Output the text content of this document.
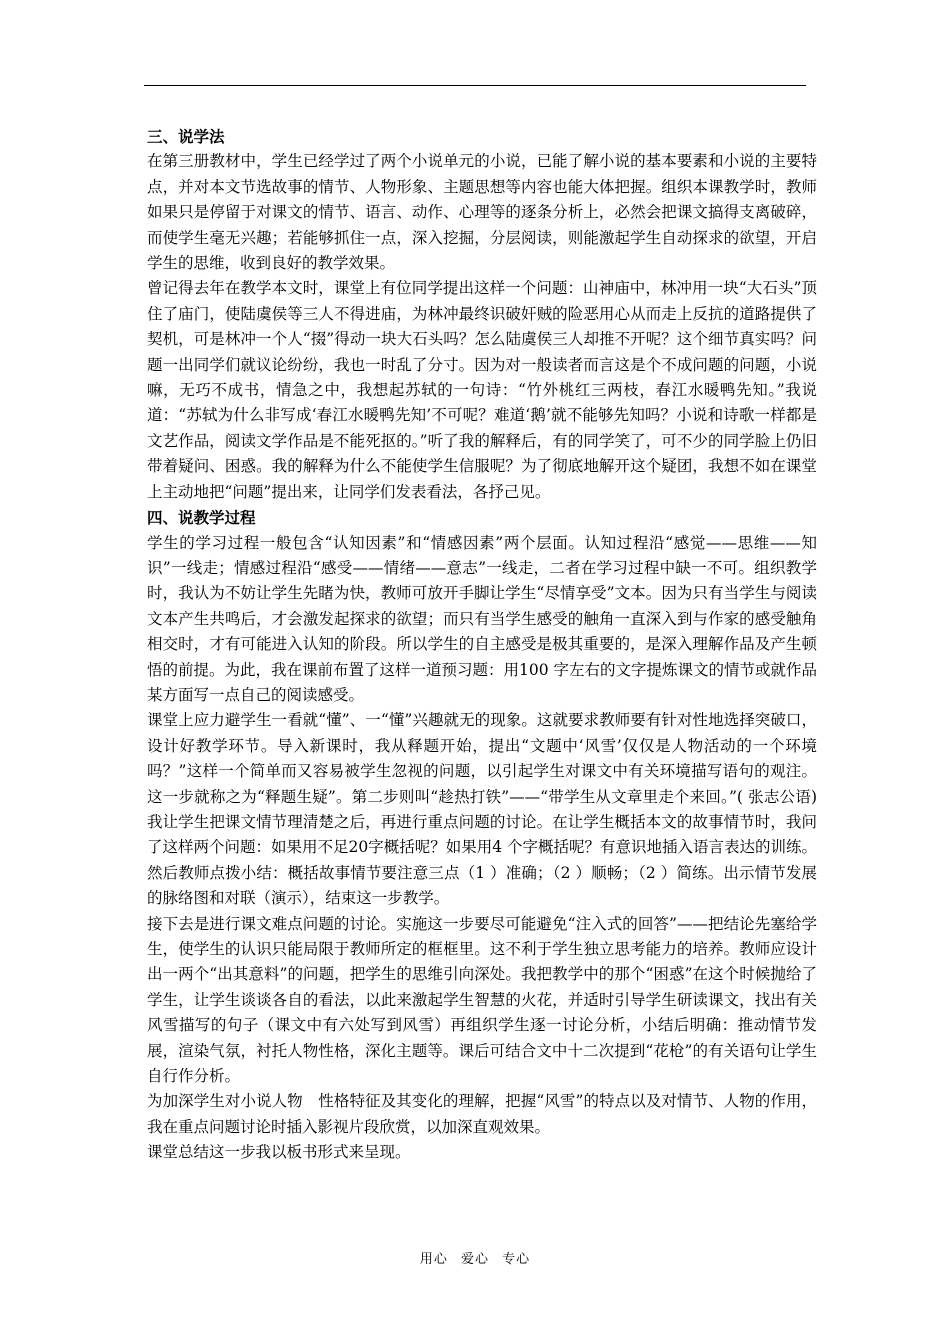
三、说学法

在第三册教材中，学生已经学过了两个小说单元的小说，已能了解小说的基本要素和小说的主要特点，并对本文节选故事的情节、人物形象、主题思想等内容也能大体把握。组织本课教学时，教师如果只是停留于对课文的情节、语言、动作、心理等的逐条分析上，必然会把课文搞得支离破碎，而使学生毫无兴趣；若能够抓住一点，深入挖掘，分层阅读，则能激起学生自动探求的欲望，开启学生的思维，收到良好的教学效果。

曾记得去年在教学本文时，课堂上有位同学提出这样一个问题：山神庙中，林冲用一块“大石头”顶住了庙门，使陆虞侯等三人不得进庙，为林冲最终识破奸贼的险恶用心从而走上反抗的道路提供了契机，可是林冲一个人“掇”得动一块大石头吗？怎么陆虞侯三人却推不开呢？这个细节真实吗？问题一出同学们就议论纷纷，我也一时乱了分寸。因为对一般读者而言这是个不成问题的问题，小说嘛，无巧不成书，情急之中，我想起苏轼的一句诗：“竹外桃红三两枝，春江水暖鸭先知。”我说道：“苏轼为什么非写成‘春江水暖鸭先知’不可呢？难道‘鹅’就不能够先知吗？小说和诗歌一样都是文艺作品，阅读文学作品是不能死抠的。”听了我的解释后，有的同学笑了，可不少的同学脸上仍旧带着疑问、困惑。我的解释为什么不能使学生信服呢？为了彻底地解开这个疑团，我想不如在课堂上主动地把“问题”提出来，让同学们发表看法，各抒己见。

四、说教学过程

学生的学习过程一般包含“认知因素”和“情感因素”两个层面。认知过程沿“感觉——思维——知识”一线走；情感过程沿“感受——情绪——意志”一线走，二者在学习过程中缺一不可。组织教学时，我认为不妨让学生先睹为快，教师可放开手脚让学生“尽情享受”文本。因为只有当学生与阅读文本产生共鸣后，才会激发起探求的欲望；而只有当学生感受的触角一直深入到与作家的感受触角相交时，才有可能进入认知的阶段。所以学生的自主感受是极其重要的，是深入理解作品及产生顿悟的前提。为此，我在课前布置了这样一道预习题：用100 字左右的文字提炼课文的情节或就作品某方面写一点自己的阅读感受。

课堂上应力避学生一看就“懂”、一“懂”兴趣就无的现象。这就要求教师要有针对性地选择突破口，设计好教学环节。导入新课时，我从释题开始，提出“文题中‘风雪’仅仅是人物活动的一个环境吗？”这样一个简单而又容易被学生忽视的问题，以引起学生对课文中有关环境描写语句的观注。这一步就称之为“释题生疑”。第二步则叫“趁热打铁”——“带学生从文章里走个来回。”( 张志公语) 我让学生把课文情节理清楚之后，再进行重点问题的讨论。在让学生概括本文的故事情节时，我问了这样两个问题：如果用不足20字概括呢？如果用4 个字概括呢？有意识地插入语言表达的训练。然后教师点拨小结：概括故事情节要注意三点（1 ）准确；（2 ）顺畅；（2 ）简练。出示情节发展的脉络图和对联（演示），结束这一步教学。

接下去是进行课文难点问题的讨论。实施这一步要尽可能避免“注入式的回答”——把结论先塞给学生，使学生的认识只能局限于教师所定的框框里。这不利于学生独立思考能力的培养。教师应设计出一两个“出其意料”的问题，把学生的思维引向深处。我把教学中的那个“困惑”在这个时候抛给了学生，让学生谈谈各自的看法，以此来激起学生智慧的火花，并适时引导学生研读课文，找出有关风雪描写的句子（课文中有六处写到风雪）再组织学生逐一讨论分析，小结后明确：推动情节发展，渲染气氛，衬托人物性格，深化主题等。课后可结合文中十二次提到“花枪”的有关语句让学生自行作分析。

为加深学生对小说人物　性格特征及其变化的理解，把握“风雪”的特点以及对情节、人物的作用，我在重点问题讨论时插入影视片段欣赏，以加深直观效果。

课堂总结这一步我以板书形式来呈现。

用心 爱心 专心
